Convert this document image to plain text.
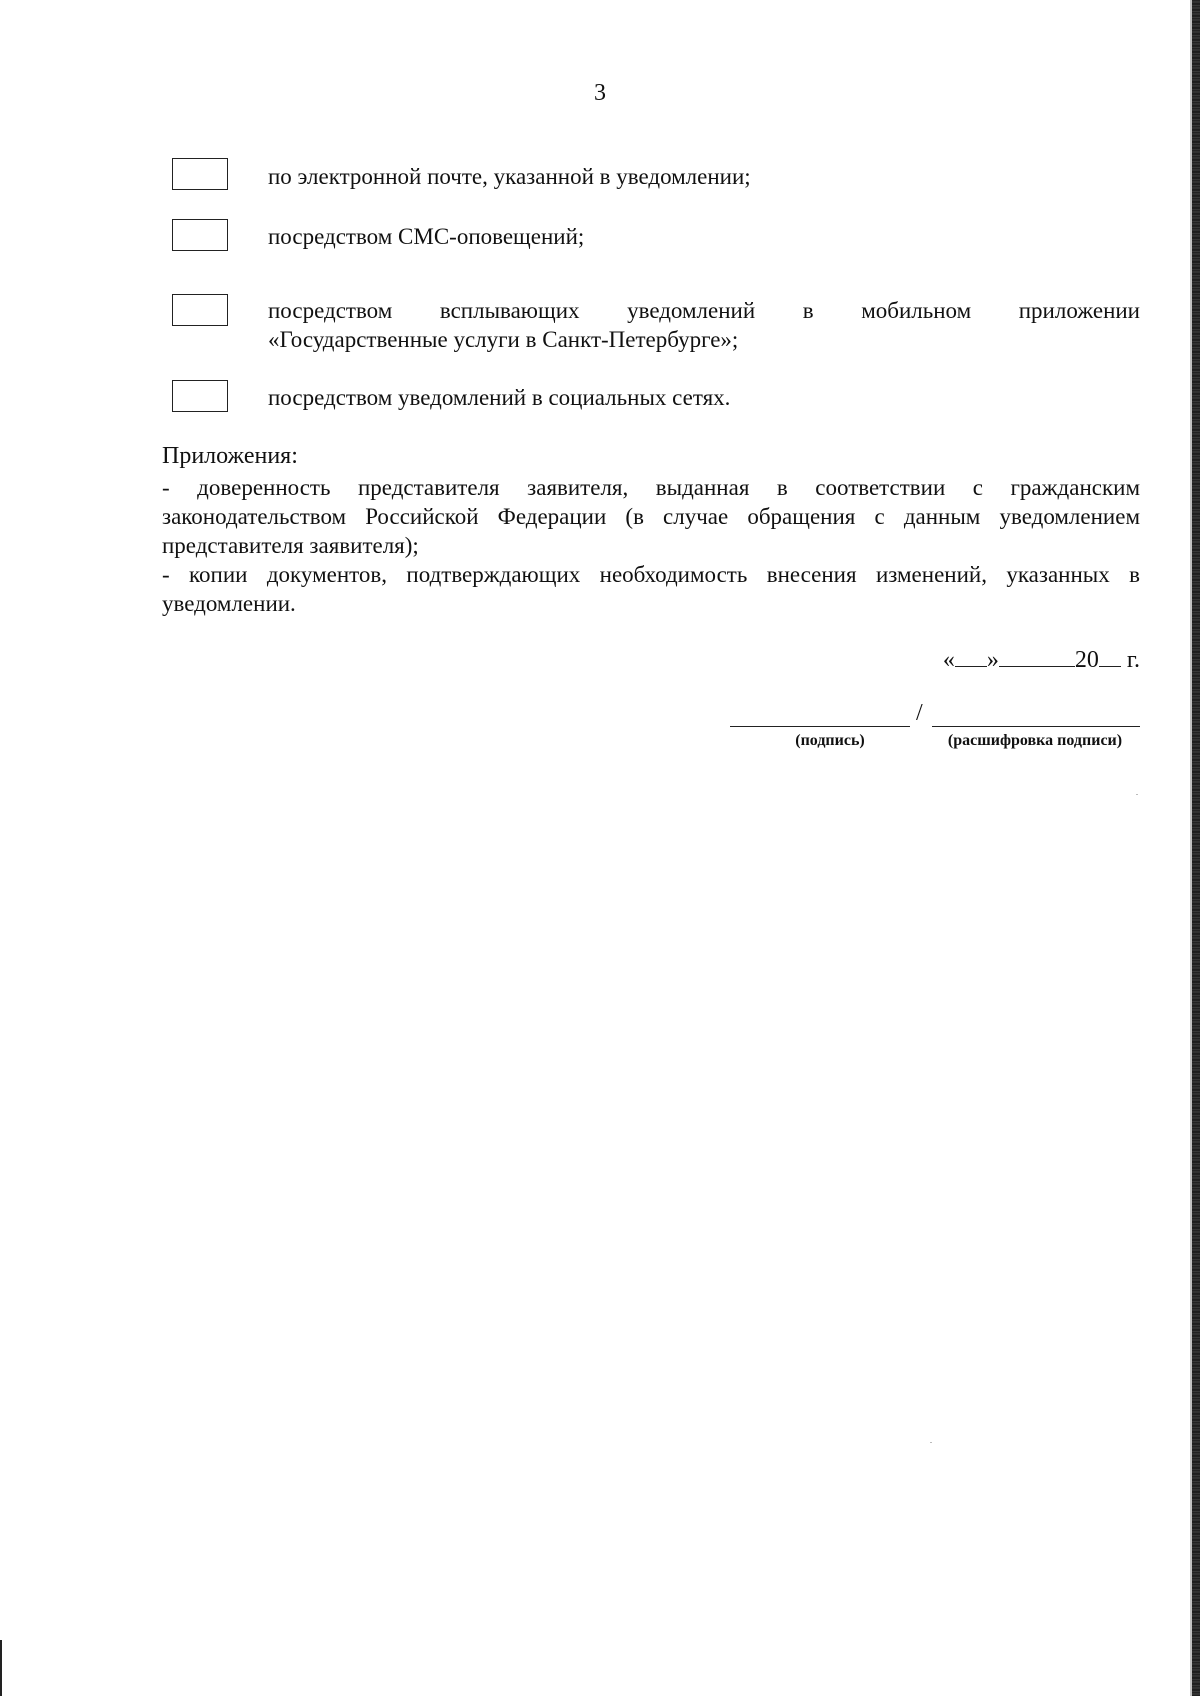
3
по электронной почте, указанной в уведомлении;
посредством СМС-оповещений;
посредством всплывающих уведомлений в мобильном приложении
«Государственные услуги в Санкт-Петербурге»;
посредством уведомлений в социальных сетях.
Приложения:
- доверенность представителя заявителя, выданная в соответствии с гражданским законодательством Российской Федерации (в случае обращения с данным уведомлением представителя заявителя);
- копии документов, подтверждающих необходимость внесения изменений, указанных в уведомлении.
« »	20 г.
/
(подпись)	(расшифровка подписи)
